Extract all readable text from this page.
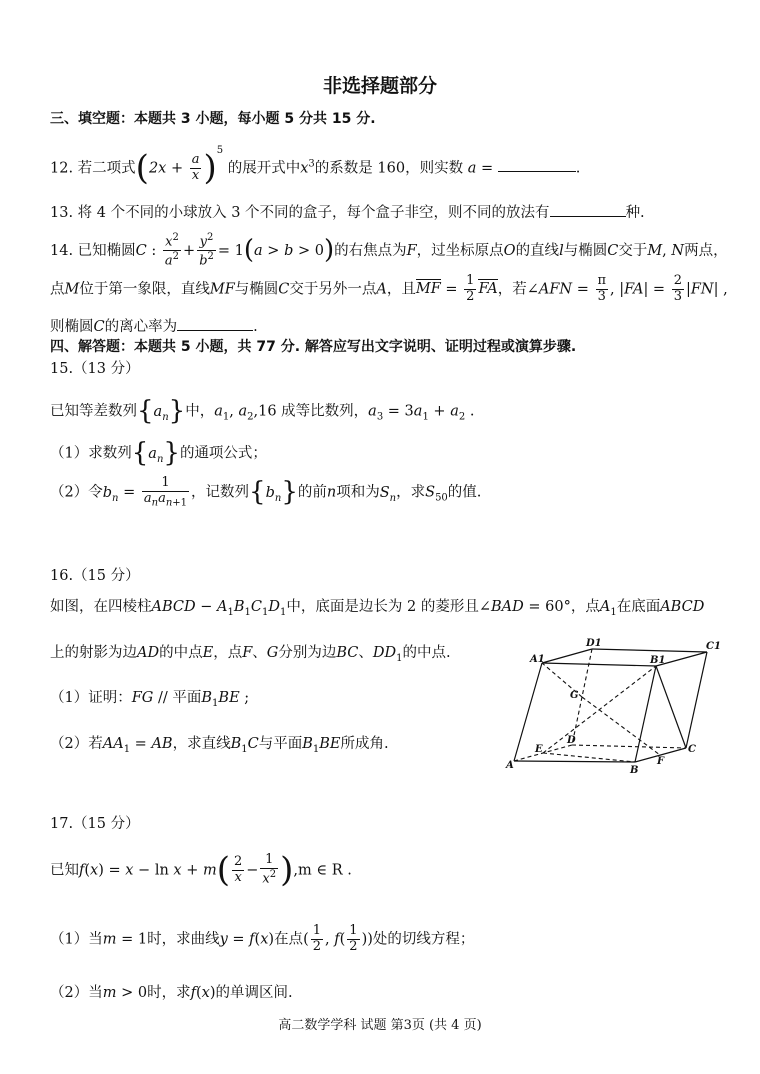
非选择题部分
三、填空题：本题共 3 小题，每小题 5 分共 15 分.
12. 若二项式$(2x + \frac{a}{x} )^5$ 的展开式中$x^3$的系数是 160，则实数 a =	.
13. 将 4 个不同的小球放入 3 个不同的盒子，每个盒子非空，则不同的放法有	种.
14. 已知椭圆C : $\frac{x^2}{a^2} + \frac{y^2}{b^2} = 1(a > b > 0)$的右焦点为F，过坐标原点O的直线l与椭圆C交于M, N两点，
点M位于第一象限，直线MF与椭圆C交于另外一点A，且MF = $\frac{1}{2}$ FA，若∠AFN = $\frac{\pi}{3}$ , $|FA| = \frac{2}{3} |FN|$ ,
则椭圆C的离心率为	.
四、解答题：本题共 5 小题，共 77 分. 解答应写出文字说明、证明过程或演算步骤.
15.（13 分）
已知等差数列$\{a_n\}$中，$a_1$, $a_2,16$ 成等比数列，$a_3 = 3a_1 + a_2$ .
（1）求数列$\{a_n\}$的通项公式；
（2）令$b_n = \frac{1}{a_na_{n+1}}$ ，记数列$\{b_n\}$的前n项和为$S_n$，求$S_{50}$的值.
16.（15 分）
如图，在四棱柱ABCD − $A_1B_1C_1D_1$中，底面是边长为 2 的菱形且∠BAD = 60°，点$A_1$在底面ABCD
上的射影为边AD的中点E，点F、G分别为边BC、$DD_1$的中点.
（1）证明：FG // 平面$B_1BE$ ;
（2）若$AA_1$ = AB，求直线$B_1C$与平面$B_1BE$所成角.
D1	C1
A1	B1
G
D
E	C
F
A	B
17.（15 分）
已知$f(x) = x - \ln x + m( \frac{2}{x} - \frac{1}{x^2} ),m$ ∈ R .
（1）当m = 1时，求曲线y = f(x)在点( $\frac{1}{2}$ , $f( \frac{1}{2}$ ))处的切线方程；
（2）当m > 0时，求f(x)的单调区间.
高二数学学科 试题 第3页 (共 4 页)
